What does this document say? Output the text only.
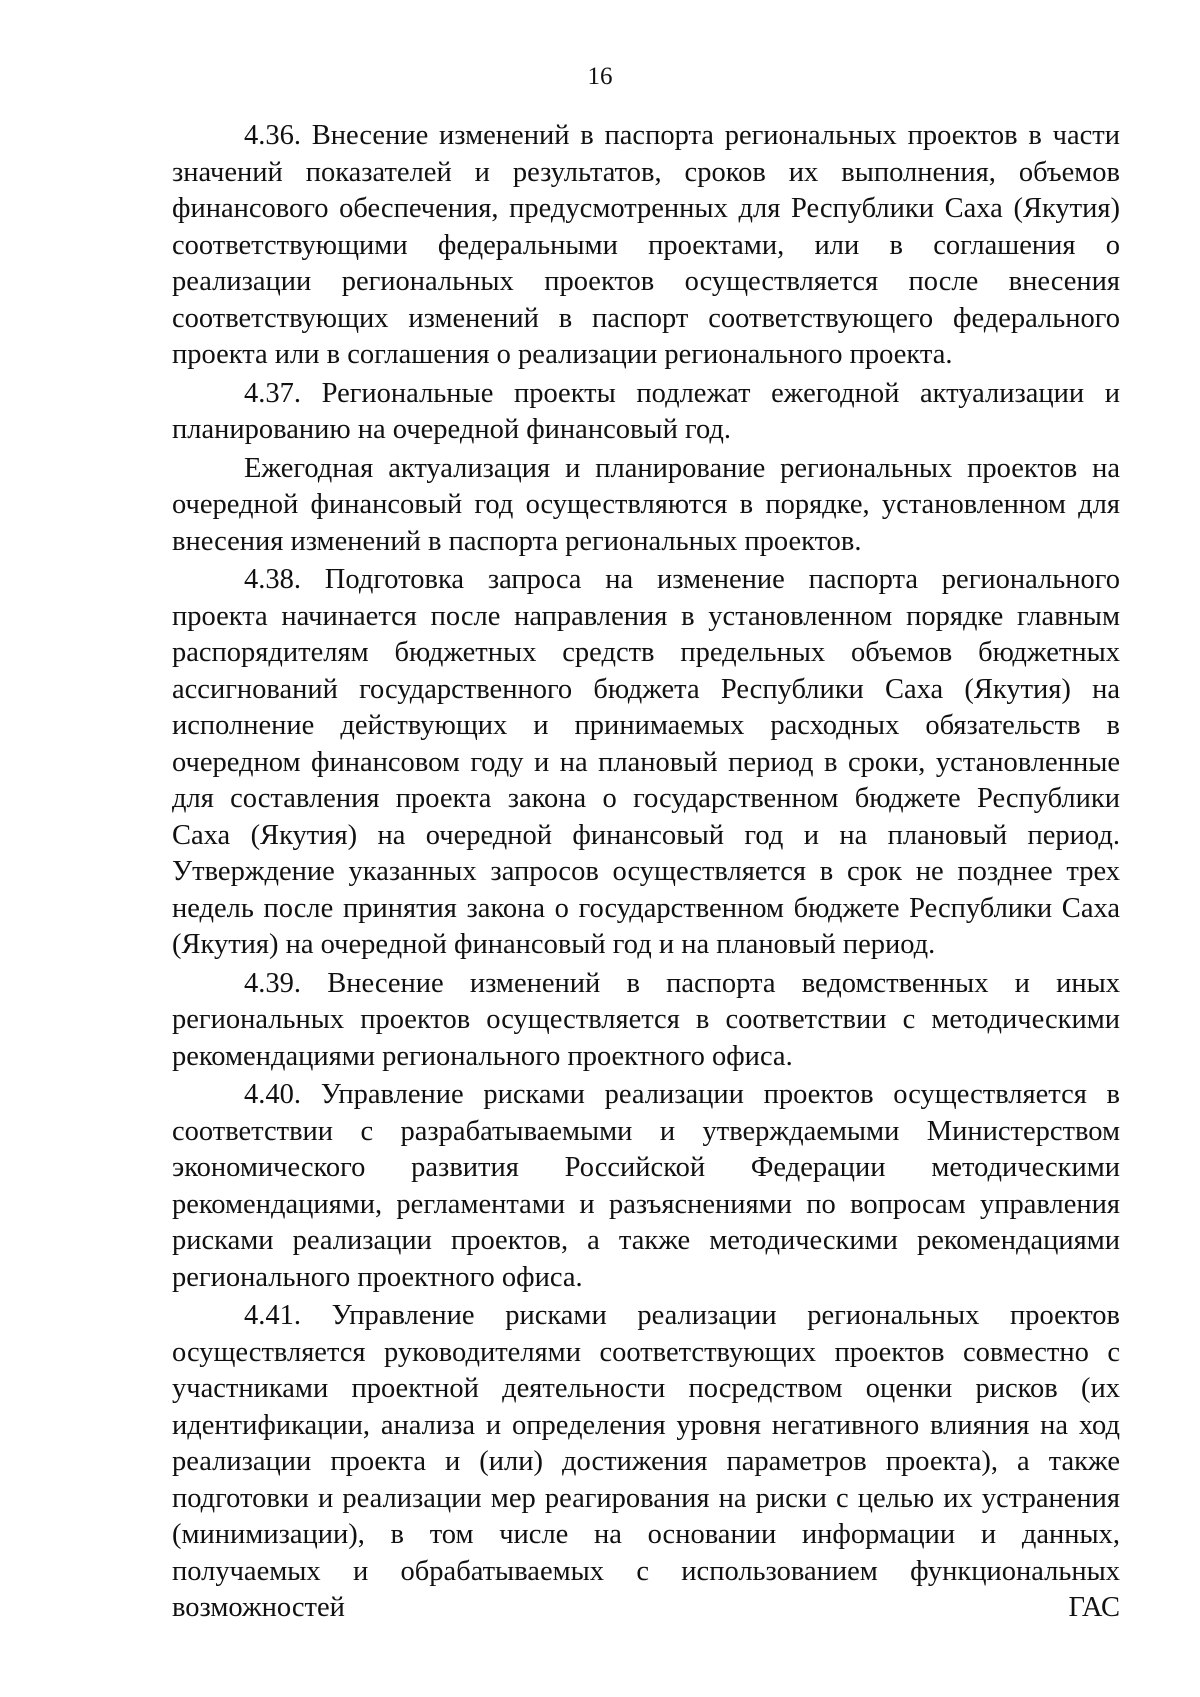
16

4.36. Внесение изменений в паспорта региональных проектов в части значений показателей и результатов, сроков их выполнения, объемов финансового обеспечения, предусмотренных для Республики Саха (Якутия) соответствующими федеральными проектами, или в соглашения о реализации региональных проектов осуществляется после внесения соответствующих изменений в паспорт соответствующего федерального проекта или в соглашения о реализации регионального проекта.

4.37. Региональные проекты подлежат ежегодной актуализации и планированию на очередной финансовый год.

Ежегодная актуализация и планирование региональных проектов на очередной финансовый год осуществляются в порядке, установленном для внесения изменений в паспорта региональных проектов.

4.38. Подготовка запроса на изменение паспорта регионального проекта начинается после направления в установленном порядке главным распорядителям бюджетных средств предельных объемов бюджетных ассигнований государственного бюджета Республики Саха (Якутия) на исполнение действующих и принимаемых расходных обязательств в очередном финансовом году и на плановый период в сроки, установленные для составления проекта закона о государственном бюджете Республики Саха (Якутия) на очередной финансовый год и на плановый период. Утверждение указанных запросов осуществляется в срок не позднее трех недель после принятия закона о государственном бюджете Республики Саха (Якутия) на очередной финансовый год и на плановый период.

4.39. Внесение изменений в паспорта ведомственных и иных региональных проектов осуществляется в соответствии с методическими рекомендациями регионального проектного офиса.

4.40. Управление рисками реализации проектов осуществляется в соответствии с разрабатываемыми и утверждаемыми Министерством экономического развития Российской Федерации методическими рекомендациями, регламентами и разъяснениями по вопросам управления рисками реализации проектов, а также методическими рекомендациями регионального проектного офиса.

4.41. Управление рисками реализации региональных проектов осуществляется руководителями соответствующих проектов совместно с участниками проектной деятельности посредством оценки рисков (их идентификации, анализа и определения уровня негативного влияния на ход реализации проекта и (или) достижения параметров проекта), а также подготовки и реализации мер реагирования на риски с целью их устранения (минимизации), в том числе на основании информации и данных, получаемых и обрабатываемых с использованием функциональных возможностей ГАС
